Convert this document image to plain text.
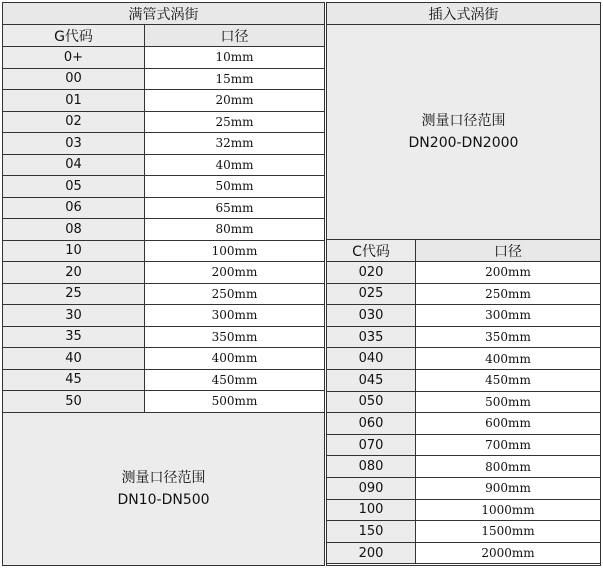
满管式涡街
G代码	口径
0+	10mm
00	15mm
01	20mm
02	25mm
03	32mm
04	40mm
05	50mm
06	65mm
08	80mm
10	100mm
20	200mm
25	250mm
30	300mm
35	350mm
40	400mm
45	450mm
50	500mm
测量口径范围
DN10-DN500
插入式涡街
测量口径范围
DN200-DN2000
C代码	口径
020	200mm
025	250mm
030	300mm
035	350mm
040	400mm
045	450mm
050	500mm
060	600mm
070	700mm
080	800mm
090	900mm
100	1000mm
150	1500mm
200	2000mm
